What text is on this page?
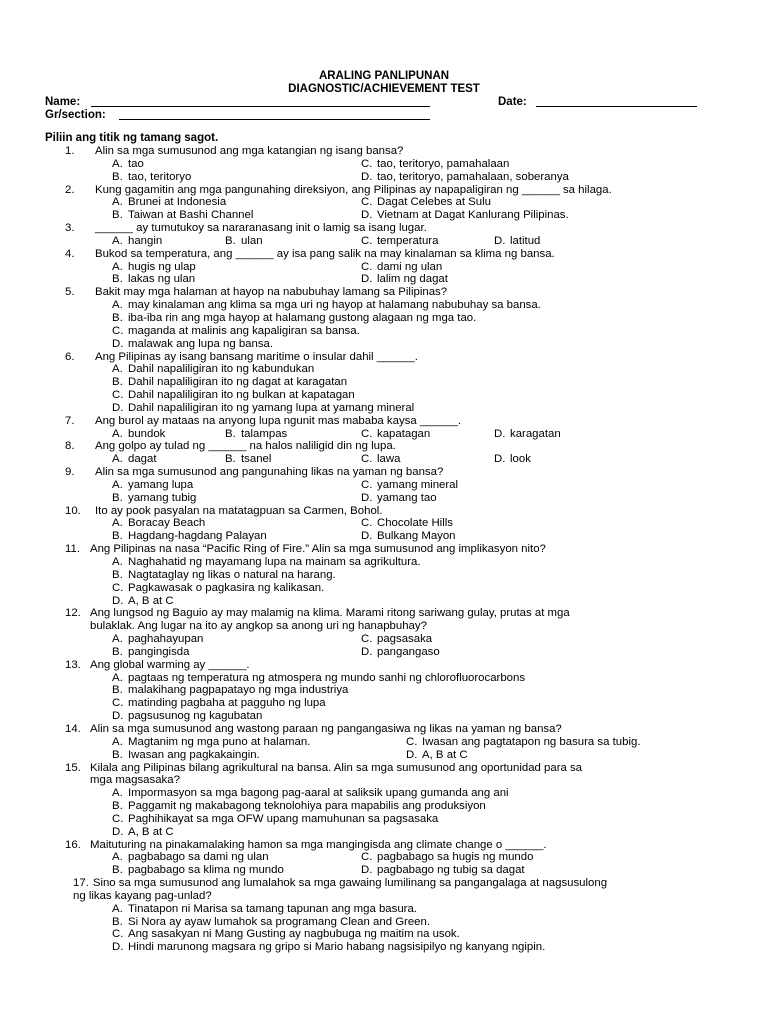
ARALING PANLIPUNAN
DIAGNOSTIC/ACHIEVEMENT TEST
Name:	Date:
Gr/section:
Piliin ang titik ng tamang sagot.
1. Alin sa mga sumusunod ang mga katangian ng isang bansa?
A. tao	C. tao, teritoryo, pamahalaan
B. tao, teritoryo	D. tao, teritoryo, pamahalaan, soberanya
2. Kung gagamitin ang mga pangunahing direksiyon, ang Pilipinas ay napapaligiran ng ______ sa hilaga.
A. Brunei at Indonesia	C. Dagat Celebes at Sulu
B. Taiwan at Bashi Channel	D. Vietnam at Dagat Kanlurang Pilipinas.
3. ______ ay tumutukoy sa nararanasang init o lamig sa isang lugar.
A. hangin	B. ulan	C. temperatura	D. latitud
4. Bukod sa temperatura, ang ______ ay isa pang salik na may kinalaman sa klima ng bansa.
A. hugis ng ulap	C. dami ng ulan
B. lakas ng ulan	D. lalim ng dagat
5. Bakit may mga halaman at hayop na nabubuhay lamang sa Pilipinas?
A. may kinalaman ang klima sa mga uri ng hayop at halamang nabubuhay sa bansa.
B. iba-iba rin ang mga hayop at halamang gustong alagaan ng mga tao.
C. maganda at malinis ang kapaligiran sa bansa.
D. malawak ang lupa ng bansa.
6. Ang Pilipinas ay isang bansang maritime o insular dahil ______.
A. Dahil napaliligiran ito ng kabundukan
B. Dahil napaliligiran ito ng dagat at karagatan
C. Dahil napaliligiran ito ng bulkan at kapatagan
D. Dahil napaliligiran ito ng yamang lupa at yamang mineral
7. Ang burol ay mataas na anyong lupa ngunit mas mababa kaysa ______.
A. bundok	B. talampas	C. kapatagan	D. karagatan
8. Ang golpo ay tulad ng ______ na halos naliligid din ng lupa.
A. dagat	B. tsanel	C. lawa	D. look
9. Alin sa mga sumusunod ang pangunahing likas na yaman ng bansa?
A. yamang lupa	C. yamang mineral
B. yamang tubig	D. yamang tao
10. Ito ay pook pasyalan na matatagpuan sa Carmen, Bohol.
A. Boracay Beach	C. Chocolate Hills
B. Hagdang-hagdang Palayan	D. Bulkang Mayon
11. Ang Pilipinas na nasa “Pacific Ring of Fire.” Alin sa mga sumusunod ang implikasyon nito?
A. Naghahatid ng mayamang lupa na mainam sa agrikultura.
B. Nagtataglay ng likas o natural na harang.
C. Pagkawasak o pagkasira ng kalikasan.
D. A, B at C
12. Ang lungsod ng Baguio ay may malamig na klima. Marami ritong sariwang gulay, prutas at mga
bulaklak. Ang lugar na ito ay angkop sa anong uri ng hanapbuhay?
A. paghahayupan	C. pagsasaka
B. pangingisda	D. pangangaso
13. Ang global warming ay ______.
A. pagtaas ng temperatura ng atmospera ng mundo sanhi ng chlorofluorocarbons
B. malakihang pagpapatayo ng mga industriya
C. matinding pagbaha at pagguho ng lupa
D. pagsusunog ng kagubatan
14. Alin sa mga sumusunod ang wastong paraan ng pangangasiwa ng likas na yaman ng bansa?
A. Magtanim ng mga puno at halaman.	C. Iwasan ang pagtatapon ng basura sa tubig.
B. Iwasan ang pagkakaingin.	D. A, B at C
15. Kilala ang Pilipinas bilang agrikultural na bansa. Alin sa mga sumusunod ang oportunidad para sa
mga magsasaka?
A. Impormasyon sa mga bagong pag-aaral at saliksik upang gumanda ang ani
B. Paggamit ng makabagong teknolohiya para mapabilis ang produksiyon
C. Paghihikayat sa mga OFW upang mamuhunan sa pagsasaka
D. A, B at C
16. Maituturing na pinakamalaking hamon sa mga mangingisda ang climate change o ______.
A. pagbabago sa dami ng ulan	C. pagbabago sa hugis ng mundo
B. pagbabago sa klima ng mundo	D. pagbabago ng tubig sa dagat
17. Sino sa mga sumusunod ang lumalahok sa mga gawaing lumilinang sa pangangalaga at nagsusulong
ng likas kayang pag-unlad?
A. Tinatapon ni Marisa sa tamang tapunan ang mga basura.
B. Si Nora ay ayaw lumahok sa programang Clean and Green.
C. Ang sasakyan ni Mang Gusting ay nagbubuga ng maitim na usok.
D. Hindi marunong magsara ng gripo si Mario habang nagsisipilyo ng kanyang ngipin.
